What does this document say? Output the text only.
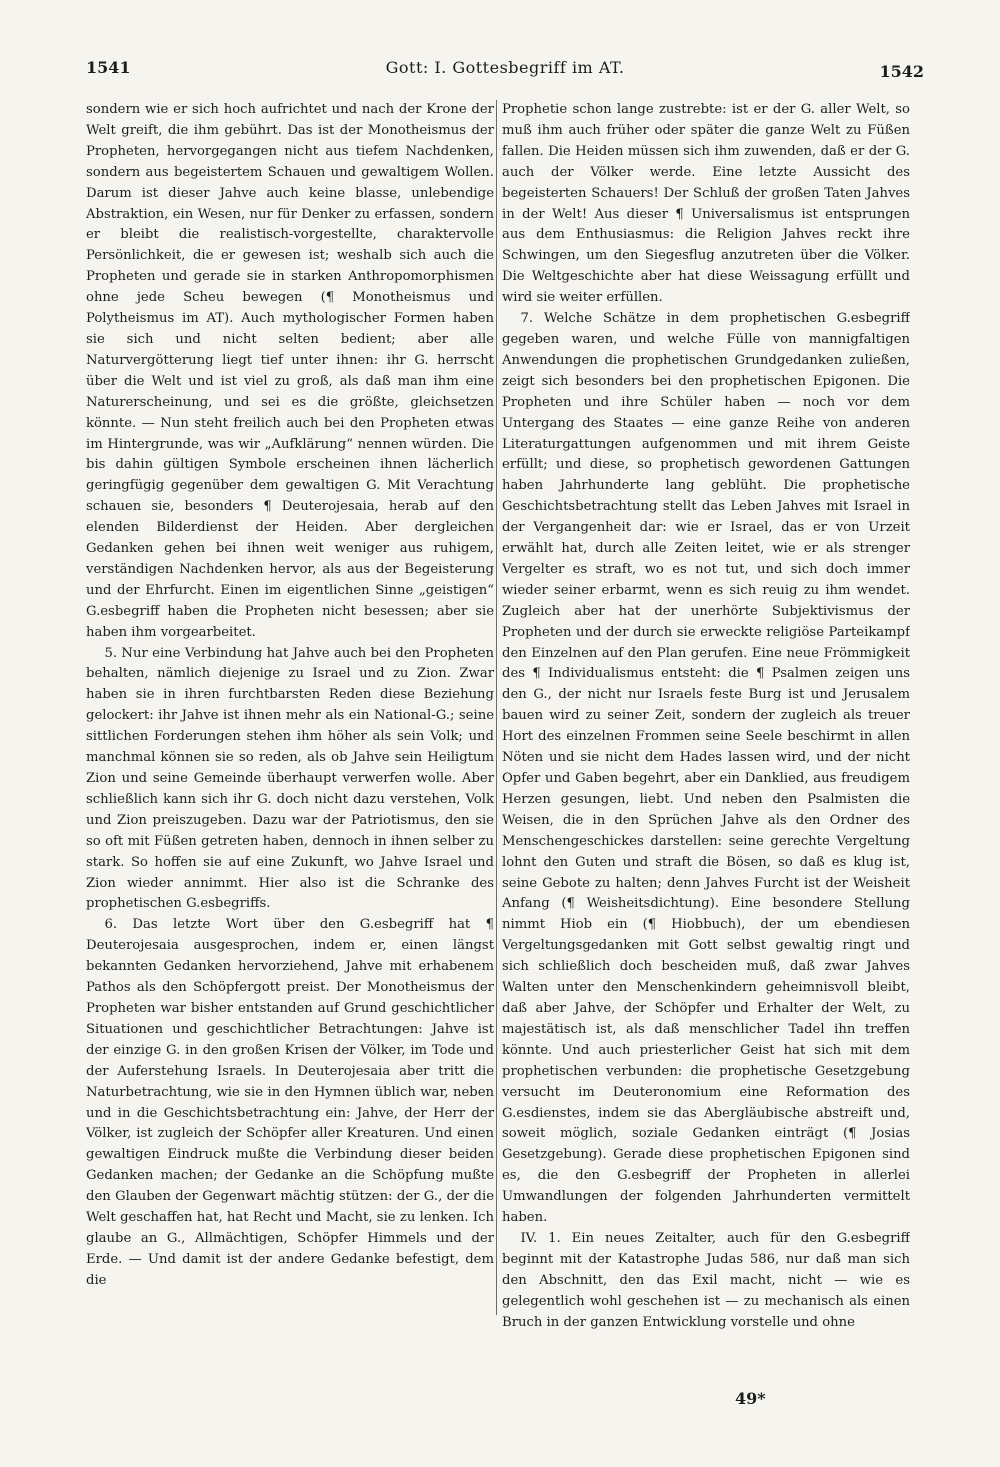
1541	Gott: I. Gottesbegriff im AT.	1542

sondern wie er sich hoch aufrichtet und nach der Krone der Welt greift, die ihm gebührt. Das ist der Monotheismus der Propheten, hervorgegangen nicht aus tiefem Nachdenken, sondern aus begeistertem Schauen und gewaltigem Wollen. Darum ist dieser Jahve auch keine blasse, unlebendige Abstraktion, ein Wesen, nur für Denker zu erfassen, sondern er bleibt die realistisch-vorgestellte, charaktervolle Persönlichkeit, die er gewesen ist; weshalb sich auch die Propheten und gerade sie in starken Anthropomorphismen ohne jede Scheu bewegen (¶ Monotheismus und Polytheismus im AT). Auch mythologischer Formen haben sie sich und nicht selten bedient; aber alle Naturvergötterung liegt tief unter ihnen: ihr G. herrscht über die Welt und ist viel zu groß, als daß man ihm eine Naturerscheinung, und sei es die größte, gleichsetzen könnte. — Nun steht freilich auch bei den Propheten etwas im Hintergrunde, was wir „Aufklärung“ nennen würden. Die bis dahin gültigen Symbole erscheinen ihnen lächerlich geringfügig gegenüber dem gewaltigen G. Mit Verachtung schauen sie, besonders ¶ Deuterojesaia, herab auf den elenden Bilderdienst der Heiden. Aber dergleichen Gedanken gehen bei ihnen weit weniger aus ruhigem, verständigen Nachdenken hervor, als aus der Begeisterung und der Ehrfurcht. Einen im eigentlichen Sinne „geistigen“ G.esbegriff haben die Propheten nicht besessen; aber sie haben ihm vorgearbeitet.

5. Nur eine Verbindung hat Jahve auch bei den Propheten behalten, nämlich diejenige zu Israel und zu Zion. Zwar haben sie in ihren furchtbarsten Reden diese Beziehung gelockert: ihr Jahve ist ihnen mehr als ein National-G.; seine sittlichen Forderungen stehen ihm höher als sein Volk; und manchmal können sie so reden, als ob Jahve sein Heiligtum Zion und seine Gemeinde überhaupt verwerfen wolle. Aber schließlich kann sich ihr G. doch nicht dazu verstehen, Volk und Zion preiszugeben. Dazu war der Patriotismus, den sie so oft mit Füßen getreten haben, dennoch in ihnen selber zu stark. So hoffen sie auf eine Zukunft, wo Jahve Israel und Zion wieder annimmt. Hier also ist die Schranke des prophetischen G.esbegriffs.

6. Das letzte Wort über den G.esbegriff hat ¶ Deuterojesaia ausgesprochen, indem er, einen längst bekannten Gedanken hervorziehend, Jahve mit erhabenem Pathos als den Schöpfergott preist. Der Monotheismus der Propheten war bisher entstanden auf Grund geschichtlicher Situationen und geschichtlicher Betrachtungen: Jahve ist der einzige G. in den großen Krisen der Völker, im Tode und der Auferstehung Israels. In Deuterojesaia aber tritt die Naturbetrachtung, wie sie in den Hymnen üblich war, neben und in die Geschichtsbetrachtung ein: Jahve, der Herr der Völker, ist zugleich der Schöpfer aller Kreaturen. Und einen gewaltigen Eindruck mußte die Verbindung dieser beiden Gedanken machen; der Gedanke an die Schöpfung mußte den Glauben der Gegenwart mächtig stützen: der G., der die Welt geschaffen hat, hat Recht und Macht, sie zu lenken. Ich glaube an G., Allmächtigen, Schöpfer Himmels und der Erde. — Und damit ist der andere Gedanke befestigt, dem die

Prophetie schon lange zustrebte: ist er der G. aller Welt, so muß ihm auch früher oder später die ganze Welt zu Füßen fallen. Die Heiden müssen sich ihm zuwenden, daß er der G. auch der Völker werde. Eine letzte Aussicht des begeisterten Schauers! Der Schluß der großen Taten Jahves in der Welt! Aus dieser ¶ Universalismus ist entsprungen aus dem Enthusiasmus: die Religion Jahves reckt ihre Schwingen, um den Siegesflug anzutreten über die Völker. Die Weltgeschichte aber hat diese Weissagung erfüllt und wird sie weiter erfüllen.

7. Welche Schätze in dem prophetischen G.esbegriff gegeben waren, und welche Fülle von mannigfaltigen Anwendungen die prophetischen Grundgedanken zuließen, zeigt sich besonders bei den prophetischen Epigonen. Die Propheten und ihre Schüler haben — noch vor dem Untergang des Staates — eine ganze Reihe von anderen Literaturgattungen aufgenommen und mit ihrem Geiste erfüllt; und diese, so prophetisch gewordenen Gattungen haben Jahrhunderte lang geblüht. Die prophetische Geschichtsbetrachtung stellt das Leben Jahves mit Israel in der Vergangenheit dar: wie er Israel, das er von Urzeit erwählt hat, durch alle Zeiten leitet, wie er als strenger Vergelter es straft, wo es not tut, und sich doch immer wieder seiner erbarmt, wenn es sich reuig zu ihm wendet. Zugleich aber hat der unerhörte Subjektivismus der Propheten und der durch sie erweckte religiöse Parteikampf den Einzelnen auf den Plan gerufen. Eine neue Frömmigkeit des ¶ Individualismus entsteht: die ¶ Psalmen zeigen uns den G., der nicht nur Israels feste Burg ist und Jerusalem bauen wird zu seiner Zeit, sondern der zugleich als treuer Hort des einzelnen Frommen seine Seele beschirmt in allen Nöten und sie nicht dem Hades lassen wird, und der nicht Opfer und Gaben begehrt, aber ein Danklied, aus freudigem Herzen gesungen, liebt. Und neben den Psalmisten die Weisen, die in den Sprüchen Jahve als den Ordner des Menschengeschickes darstellen: seine gerechte Vergeltung lohnt den Guten und straft die Bösen, so daß es klug ist, seine Gebote zu halten; denn Jahves Furcht ist der Weisheit Anfang (¶ Weisheitsdichtung). Eine besondere Stellung nimmt Hiob ein (¶ Hiobbuch), der um ebendiesen Vergeltungsgedanken mit Gott selbst gewaltig ringt und sich schließlich doch bescheiden muß, daß zwar Jahves Walten unter den Menschenkindern geheimnisvoll bleibt, daß aber Jahve, der Schöpfer und Erhalter der Welt, zu majestätisch ist, als daß menschlicher Tadel ihn treffen könnte. Und auch priesterlicher Geist hat sich mit dem prophetischen verbunden: die prophetische Gesetzgebung versucht im Deuteronomium eine Reformation des G.esdienstes, indem sie das Abergläubische abstreift und, soweit möglich, soziale Gedanken einträgt (¶ Josias Gesetzgebung). Gerade diese prophetischen Epigonen sind es, die den G.esbegriff der Propheten in allerlei Umwandlungen der folgenden Jahrhunderten vermittelt haben.

IV. 1. Ein neues Zeitalter, auch für den G.esbegriff beginnt mit der Katastrophe Judas 586, nur daß man sich den Abschnitt, den das Exil macht, nicht — wie es gelegentlich wohl geschehen ist — zu mechanisch als einen Bruch in der ganzen Entwicklung vorstelle und ohne

49*
